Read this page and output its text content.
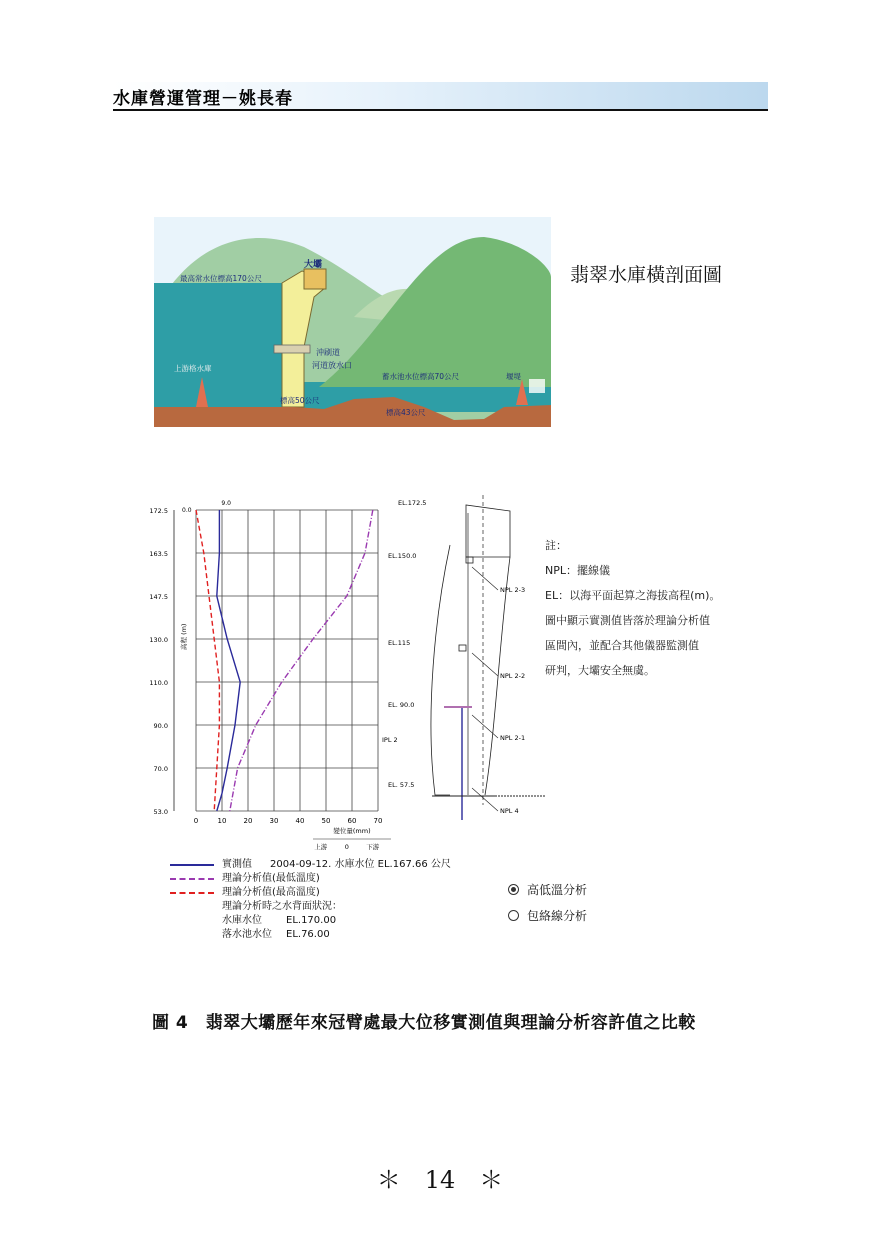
水庫營運管理－姚長春
最高常水位標高170公尺
大壩
沖刷道
河道放水口
上游格水庫
蓄水池水位標高70公尺
標高50公尺
標高43公尺
堰堤
翡翠水庫橫剖面圖
0	10 20 30 40 50 60 70
172.5
163.5
147.5
130.0
110.0
90.0
70.0
53.0
0.0
高程 (m)
9.0
變位量(mm)
上游	0	下游
EL.172.5
EL.150.0
EL.115
EL. 90.0
EL. 57.5
NPL 2-3
NPL 2-2
NPL 2-1
NPL 4
IPL 2
註：
NPL：擺線儀
EL：以海平面起算之海拔高程(m)。
圖中顯示實測值皆落於理論分析值
區間內，並配合其他儀器監測值
研判，大壩安全無虞。
實測值 2004-09-12. 水庫水位 EL.167.66 公尺
理論分析值(最低溫度)
理論分析值(最高溫度)
理論分析時之水背面狀況：
水庫水位	EL.170.00
落水池水位	EL.76.00
高低溫分析
包絡線分析
圖 4　翡翠大壩歷年來冠臂處最大位移實測值與理論分析容許值之比較
＊　14　＊
